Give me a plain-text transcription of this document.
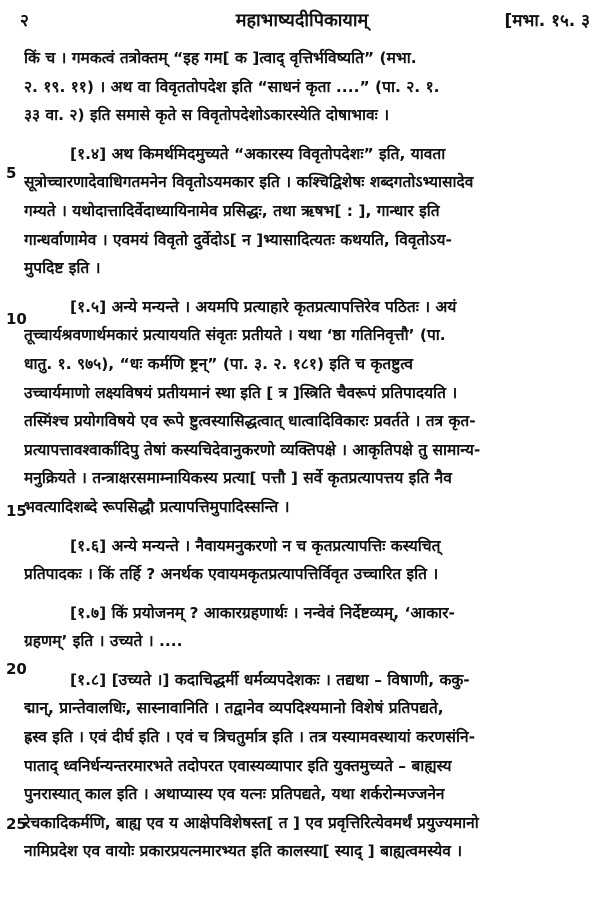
२	महाभाष्यदीपिकायाम्	[मभा. १५. ३
5
10
15
20
25

किं च । गमकत्वं तत्रोक्तम् “इह गम[ क ]त्वाद् वृत्तिर्भविष्यति” (मभा.
२. १९. ११) । अथ वा विवृततोपदेश इति “साधनं कृता ....” (पा. २. १.
३३ वा. २) इति समासे कृते स विवृतोपदेशोऽकारस्येति दोषाभावः ।

[१.४] अथ किमर्थमिदमुच्यते “अकारस्य विवृतोपदेशः” इति, यावता
सूत्रोच्चारणादेवाधिगतमनेन विवृतोऽयमकार इति । कश्चिद्विशेषः शब्दगतोऽभ्यासादेव
गम्यते । यथोदात्तादिर्वेदाध्यायिनामेव प्रसिद्धः, तथा ऋषभ[ : ], गान्धार इति
गान्धर्वाणामेव । एवमयं विवृतो दुर्वेदोऽ[ न ]भ्यासादित्यतः कथयति, विवृतोऽय-
मुपदिष्ट इति ।

[१.५] अन्ये मन्यन्ते । अयमपि प्रत्याहारे कृतप्रत्यापत्तिरेव पठितः । अयं
तूच्चार्यश्रवणार्थमकारं प्रत्याययति संवृतः प्रतीयते । यथा ‘ष्ठा गतिनिवृत्तौ’ (पा.
धातु. १. ९७५), “धः कर्मणि ष्ट्रन्” (पा. ३. २. १८१) इति च कृतष्टुत्व
उच्चार्यमाणो लक्ष्यविषयं प्रतीयमानं स्था इति [ त्र ]स्त्रिति चैवरूपं प्रतिपादयति ।
तस्मिंश्च प्रयोगविषये एव रूपे ष्टुत्वस्यासिद्धत्वात् धात्वादिविकारः प्रवर्तते । तत्र कृत-
प्रत्यापत्तावश्वार्कादिपु तेषां कस्यचिदेवानुकरणो व्यक्तिपक्षे । आकृतिपक्षे तु सामान्य-
मनुक्रियते । तन्त्राक्षरसमाम्नायिकस्य प्रत्या[ पत्तौ ] सर्वे कृतप्रत्यापत्तय इति नैव
भवत्यादिशब्दे रूपसिद्धौ प्रत्यापत्तिमुपादिस्सन्ति ।

[१.६] अन्ये मन्यन्ते । नैवायमनुकरणो न च कृतप्रत्यापत्तिः कस्यचित्
प्रतिपादकः । किं तर्हि ? अनर्थक एवायमकृतप्रत्यापत्तिर्विवृत उच्चारित इति ।

[१.७] किं प्रयोजनम् ? आकारग्रहणार्थः । नन्वेवं निर्देष्टव्यम्, ‘आकार-
ग्रहणम्’ इति । उच्यते । ....

[१.८] [उच्यते ।] कदाचिद्धर्मी धर्मव्यपदेशकः । तद्यथा – विषाणी, ककु-
द्मान्, प्रान्तेवालधिः, सास्नावानिति । तद्वानेव व्यपदिश्यमानो विशेषं प्रतिपद्यते,
ह्रस्व इति । एवं दीर्घ इति । एवं च त्रिचतुर्मात्र इति । तत्र यस्यामवस्थायां करणसंनि-
पाताद् ध्वनिर्धन्यन्तरमारभते तदोपरत एवास्यव्यापार इति युक्तमुच्यते – बाह्यस्य
पुनरास्यात् काल इति । अथाप्यास्य एव यत्नः प्रतिपद्यते, यथा शर्करोन्मज्जनेन
रेचकादिकर्मणि, बाह्य एव य आक्षेपविशेषस्त[ त ] एव प्रवृत्तिरित्येवमर्थं प्रयुज्यमानो
नामिप्रदेश एव वायोः प्रकारप्रयत्नमारभ्यत इति कालस्या[ स्याद् ] बाह्यत्वमस्येव ।
